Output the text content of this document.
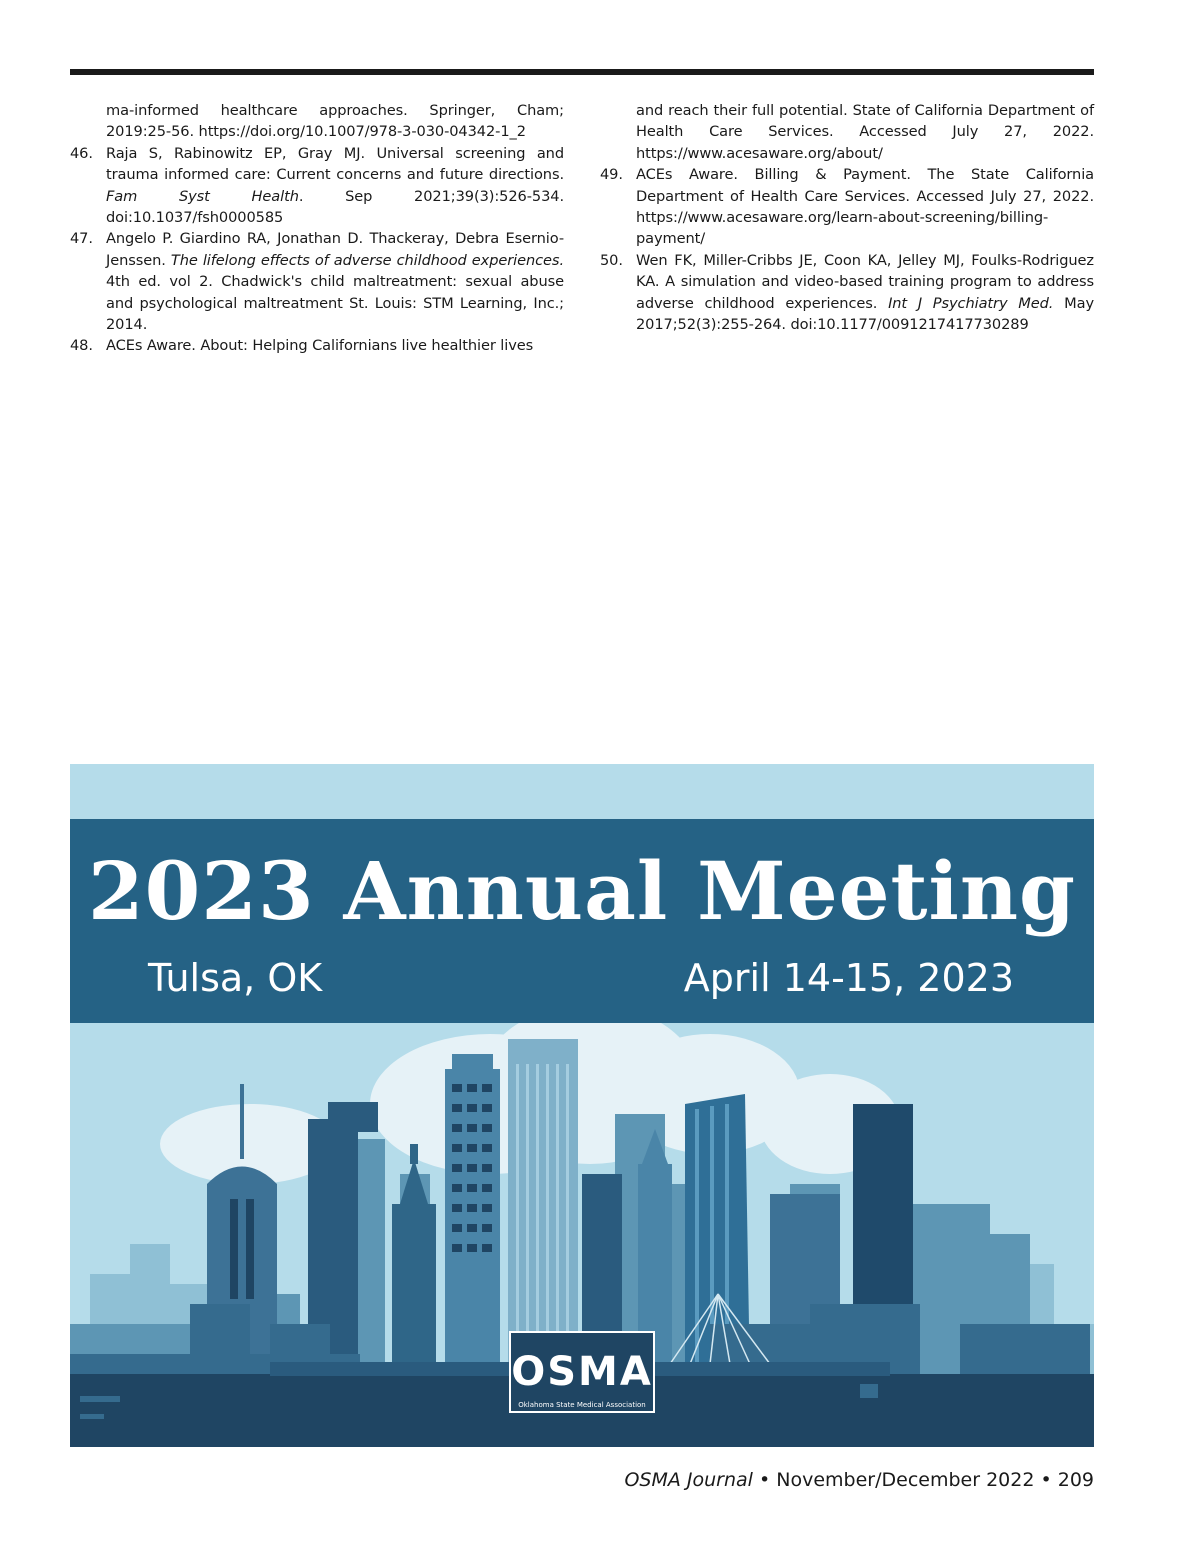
ma-informed healthcare approaches. Springer, Cham; 2019:25-56. https://doi.org/10.1007/978-3-030-04342-1_2
46. Raja S, Rabinowitz EP, Gray MJ. Universal screening and trauma informed care: Current concerns and future directions. Fam Syst Health. Sep 2021;39(3):526-534. doi:10.1037/fsh0000585
47. Angelo P. Giardino RA, Jonathan D. Thackeray, Debra Esernio-Jenssen. The lifelong effects of adverse childhood experiences. 4th ed. vol 2. Chadwick's child maltreatment: sexual abuse and psychological maltreatment St. Louis: STM Learning, Inc.; 2014.
48. ACEs Aware. About: Helping Californians live healthier lives
and reach their full potential. State of California Department of Health Care Services. Accessed July 27, 2022. https://www.acesaware.org/about/
49. ACEs Aware. Billing & Payment. The State California Department of Health Care Services. Accessed July 27, 2022. https://www.acesaware.org/learn-about-screening/billing-payment/
50. Wen FK, Miller-Cribbs JE, Coon KA, Jelley MJ, Foulks-Rodriguez KA. A simulation and video-based training program to address adverse childhood experiences. Int J Psychiatry Med. May 2017;52(3):255-264. doi:10.1177/0091217417730289
OSMA
Oklahoma State Medical Association
2023 Annual Meeting
Tulsa, OK	April 14-15, 2023
OSMA Journal • November/December 2022 • 209
